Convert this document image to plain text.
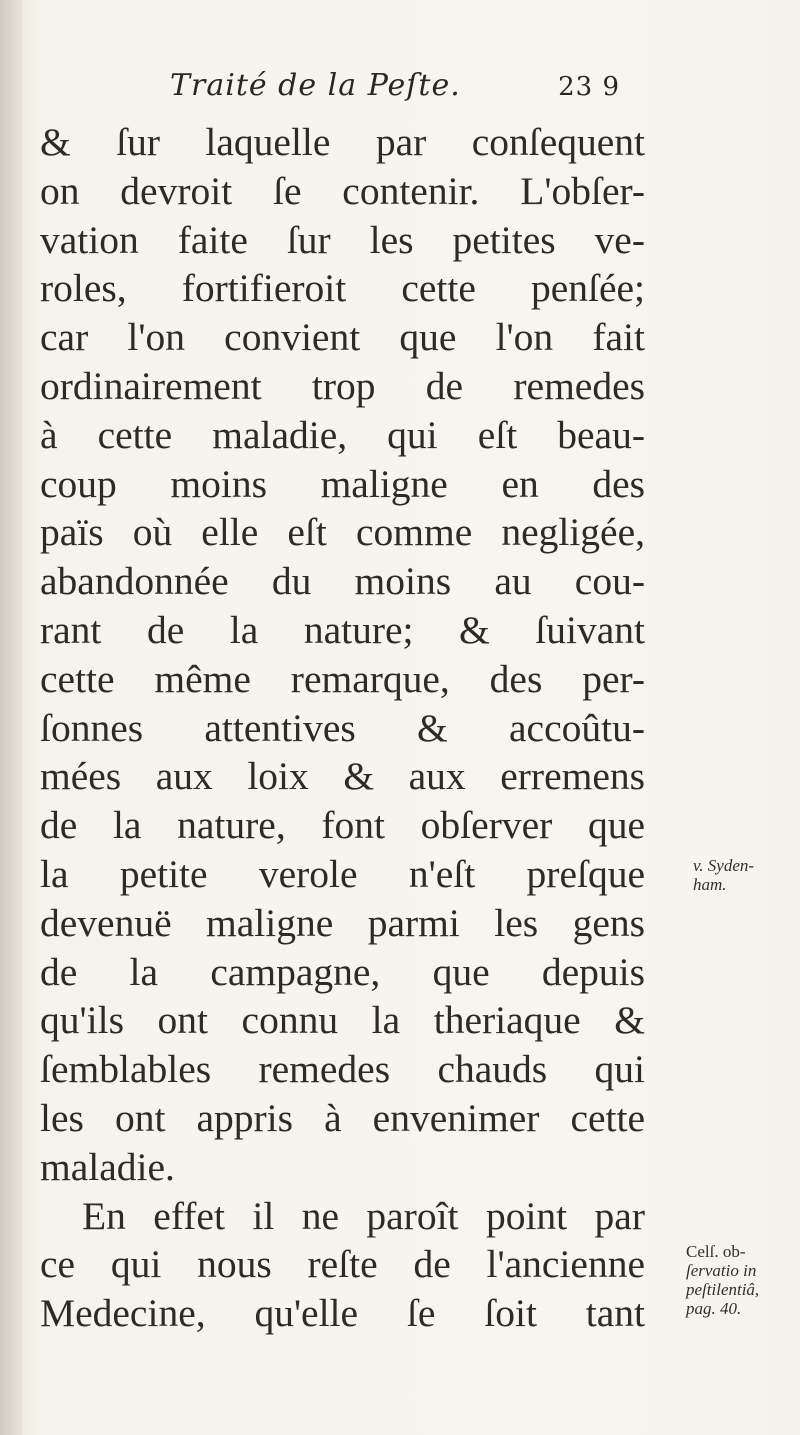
Traité de la Peſte.	23 9
& ſur laquelle par conſequent
on devroit ſe contenir. L'obſer-
vation faite ſur les petites ve-
roles, fortifieroit cette penſée;
car l'on convient que l'on fait
ordinairement trop de remedes
à cette maladie, qui eſt beau-
coup moins maligne en des
païs où elle eſt comme negligée,
abandonnée du moins au cou-
rant de la nature; & ſuivant
cette même remarque, des per-
ſonnes attentives & accoûtu-
mées aux loix & aux erremens
de la nature, font obſerver que
la petite verole n'eſt preſque
devenuë maligne parmi les gens
de la campagne, que depuis
qu'ils ont connu la theriaque &
ſemblables remedes chauds qui
les ont appris à envenimer cette
maladie.
En effet il ne paroît point par
ce qui nous reſte de l'ancienne
Medecine, qu'elle ſe ſoit tant
v. Syden-
ham.
Celſ. ob-
ſervatio in
peſtilentiâ,
pag. 40.
